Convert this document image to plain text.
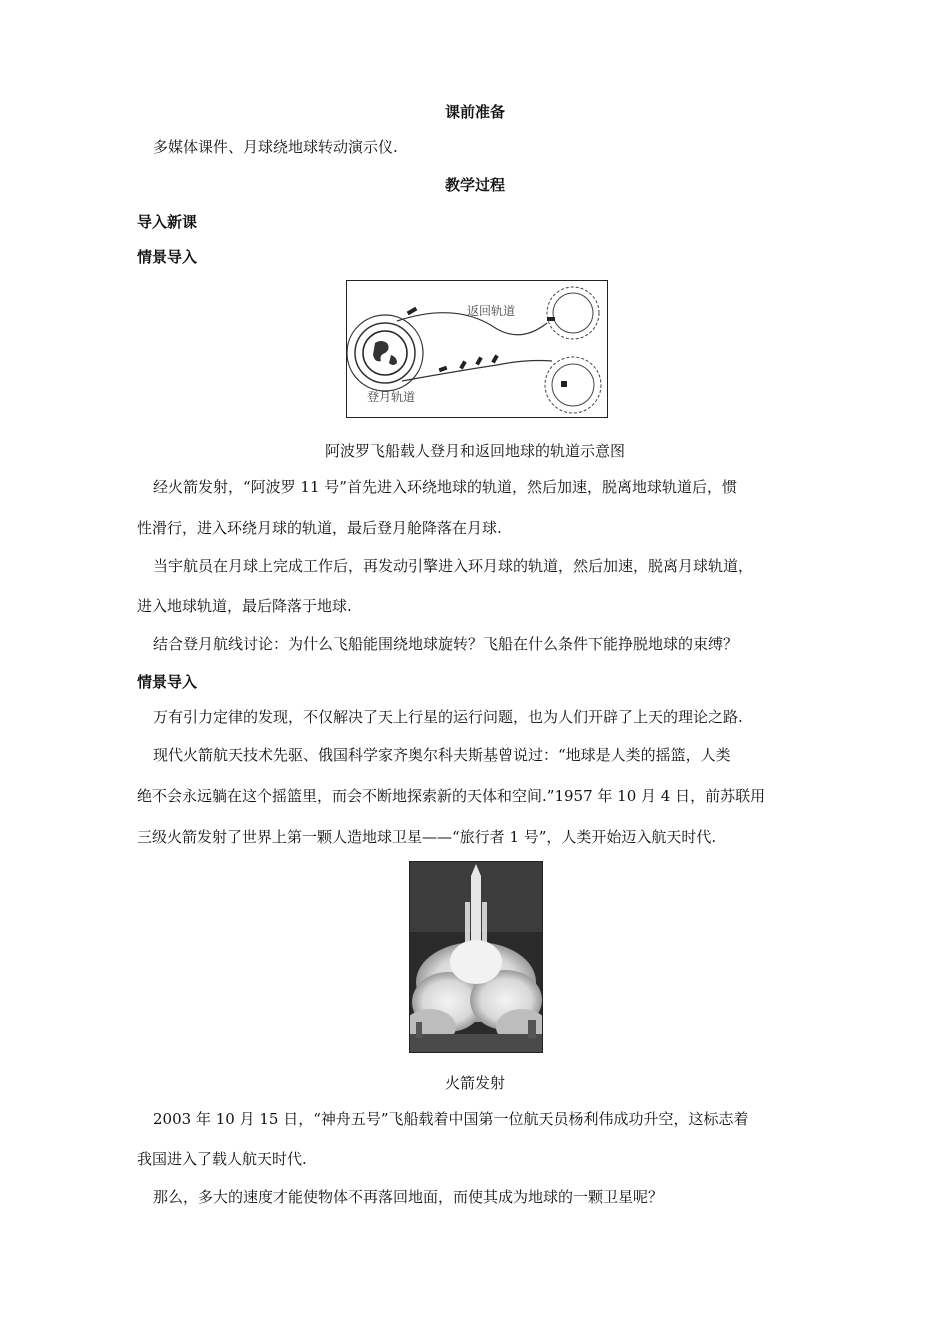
课前准备
多媒体课件、月球绕地球转动演示仪.
教学过程
导入新课
情景导入
返回轨道
登月轨道
阿波罗飞船载人登月和返回地球的轨道示意图
经火箭发射，“阿波罗 11 号”首先进入环绕地球的轨道，然后加速，脱离地球轨道后，惯
性滑行，进入环绕月球的轨道，最后登月舱降落在月球.
当宇航员在月球上完成工作后，再发动引擎进入环月球的轨道，然后加速，脱离月球轨道，
进入地球轨道，最后降落于地球.
结合登月航线讨论：为什么飞船能围绕地球旋转？飞船在什么条件下能挣脱地球的束缚？
情景导入
万有引力定律的发现，不仅解决了天上行星的运行问题，也为人们开辟了上天的理论之路.
现代火箭航天技术先驱、俄国科学家齐奥尔科夫斯基曾说过：“地球是人类的摇篮，人类
绝不会永远躺在这个摇篮里，而会不断地探索新的天体和空间.”1957 年 10 月 4 日，前苏联用
三级火箭发射了世界上第一颗人造地球卫星——“旅行者 1 号”，人类开始迈入航天时代.
火箭发射
2003 年 10 月 15 日，“神舟五号”飞船载着中国第一位航天员杨利伟成功升空，这标志着
我国进入了载人航天时代.
那么，多大的速度才能使物体不再落回地面，而使其成为地球的一颗卫星呢？
